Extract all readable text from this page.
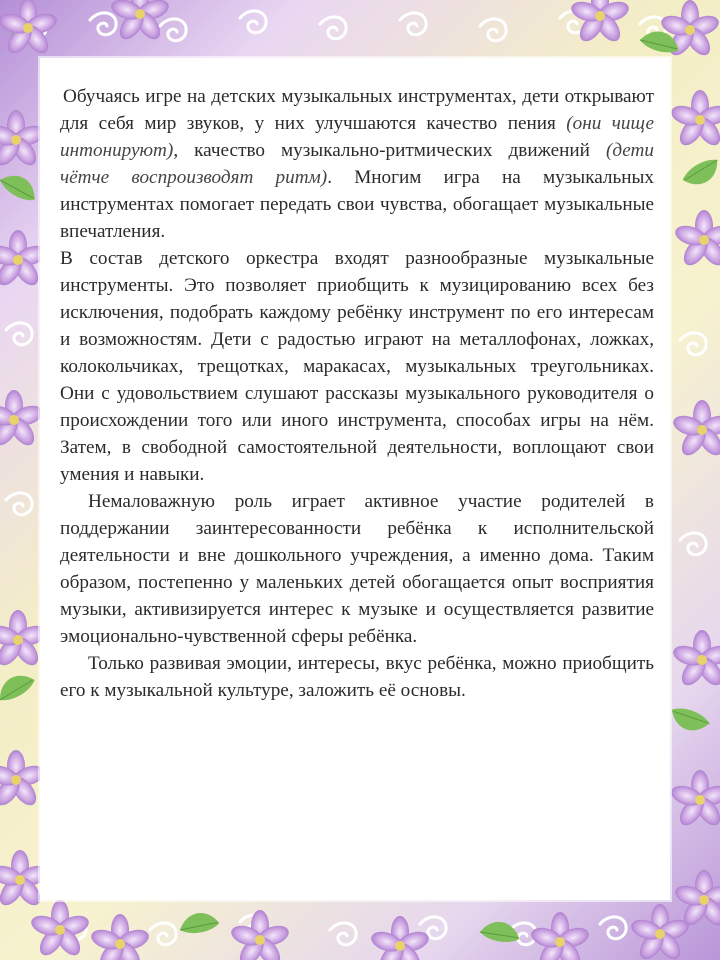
Обучаясь игре на детских музыкальных инструментах, дети открывают для себя мир звуков, у них улучшаются качество пения (они чище интонируют), качество музыкально-ритмических движений (дети чётче воспроизводят ритм). Многим игра на музыкальных инструментах помогает передать свои чувства, обогащает музыкальные впечатления.

В состав детского оркестра входят разнообразные музыкальные инструменты. Это позволяет приобщить к музицированию всех без исключения, подобрать каждому ребёнку инструмент по его интересам и возможностям. Дети с радостью играют на металлофонах, ложках, колокольчиках, трещотках, маракасах, музыкальных треугольниках. Они с удовольствием слушают рассказы музыкального руководителя о происхождении того или иного инструмента, способах игры на нём. Затем, в свободной самостоятельной деятельности, воплощают свои умения и навыки.

Немаловажную роль играет активное участие родителей в поддержании заинтересованности ребёнка к исполнительской деятельности и вне дошкольного учреждения, а именно дома. Таким образом, постепенно у маленьких детей обогащается опыт восприятия музыки, активизируется интерес к музыке и осуществляется развитие эмоционально-чувственной сферы ребёнка.

Только развивая эмоции, интересы, вкус ребёнка, можно приобщить его к музыкальной культуре, заложить её основы.
